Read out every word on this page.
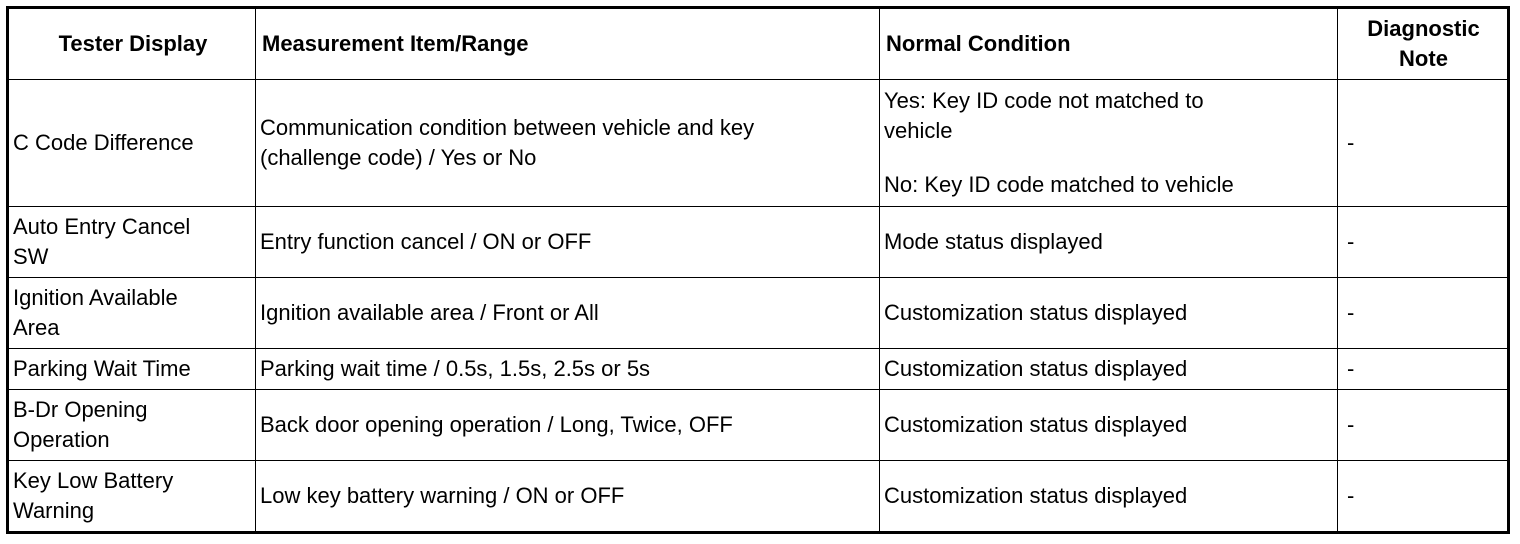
Tester Display	Measurement Item/Range	Normal Condition	Diagnostic
Note
C Code Difference	Communication condition between vehicle and key
(challenge code) / Yes or No	Yes: Key ID code not matched to
vehicle
No: Key ID code matched to vehicle	-
Auto Entry Cancel
SW	Entry function cancel / ON or OFF	Mode status displayed	-
Ignition Available
Area	Ignition available area / Front or All	Customization status displayed	-
Parking Wait Time	Parking wait time / 0.5s, 1.5s, 2.5s or 5s	Customization status displayed	-
B-Dr Opening
Operation	Back door opening operation / Long, Twice, OFF	Customization status displayed	-
Key Low Battery
Warning	Low key battery warning / ON or OFF	Customization status displayed	-
